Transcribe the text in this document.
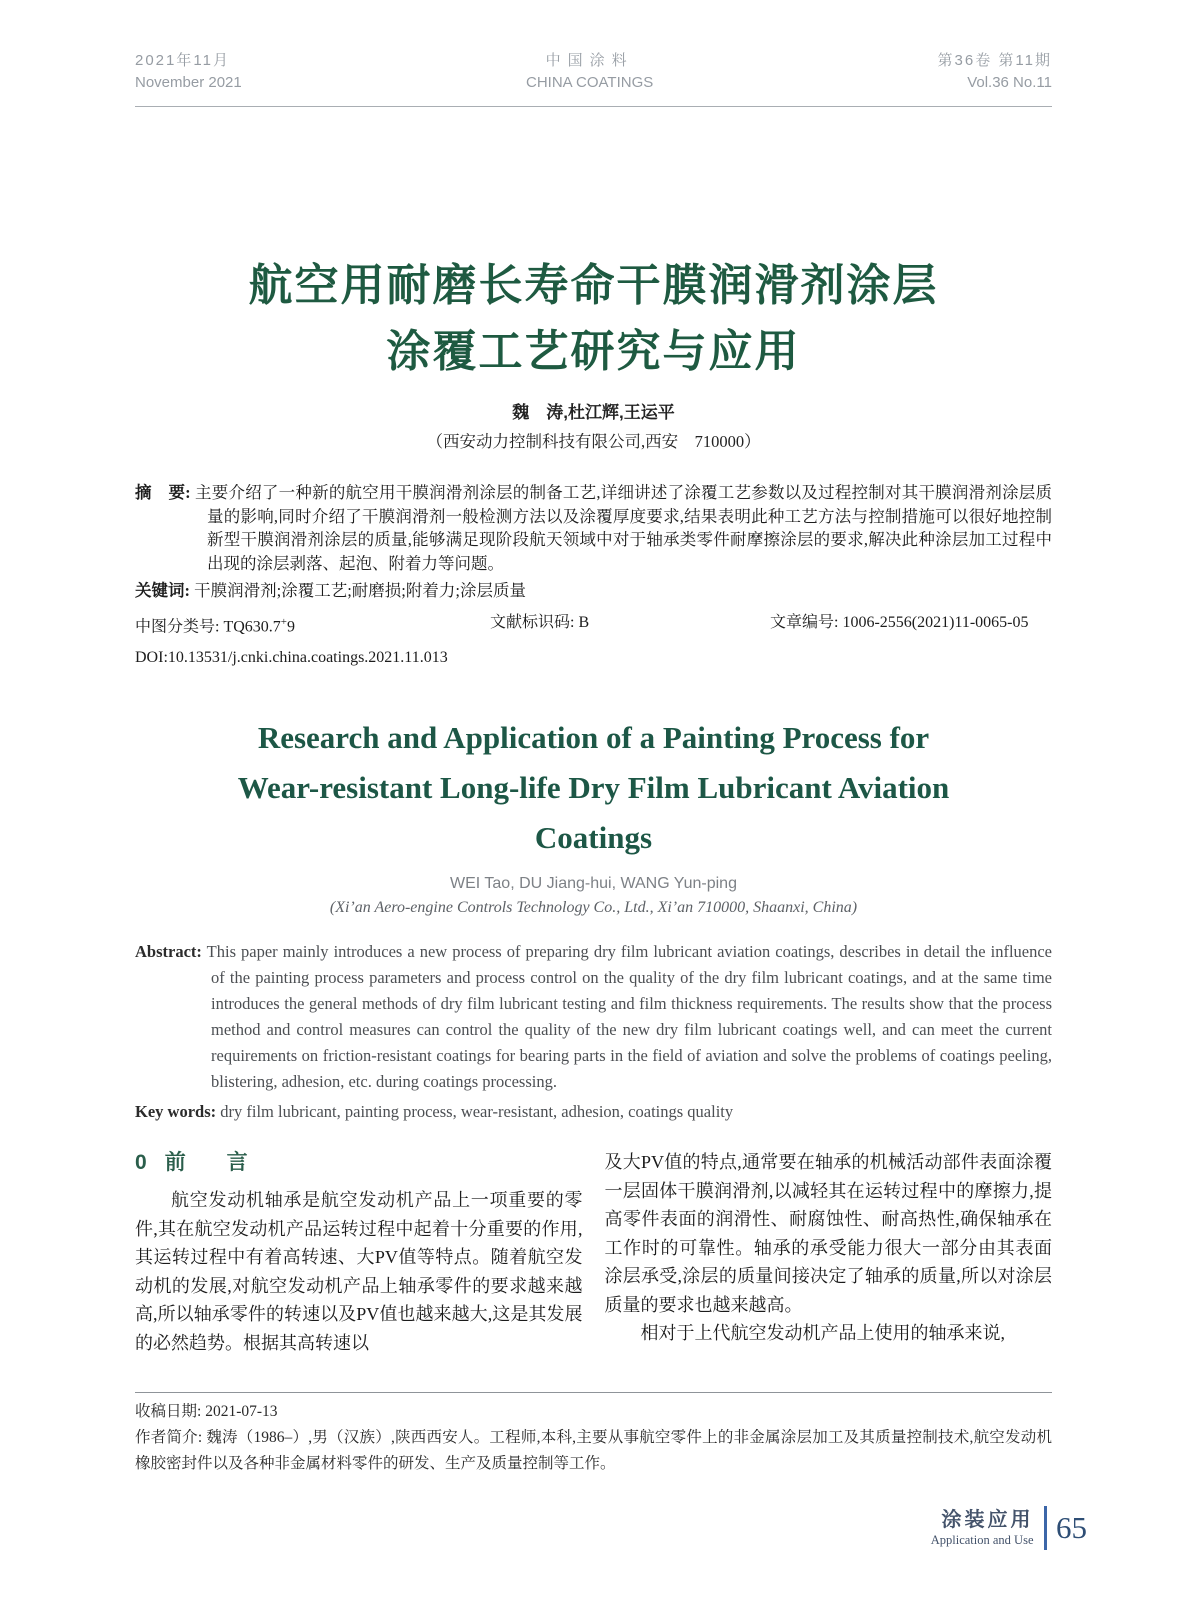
2021年11月
November 2021
中国涂料
CHINA COATINGS
第36卷 第11期
Vol.36 No.11
航空用耐磨长寿命干膜润滑剂涂层
涂覆工艺研究与应用
魏　涛,杜江辉,王运平
（西安动力控制科技有限公司,西安　710000）

摘　要: 主要介绍了一种新的航空用干膜润滑剂涂层的制备工艺,详细讲述了涂覆工艺参数以及过程控制对其干膜润滑剂涂层质量的影响,同时介绍了干膜润滑剂一般检测方法以及涂覆厚度要求,结果表明此种工艺方法与控制措施可以很好地控制新型干膜润滑剂涂层的质量,能够满足现阶段航天领域中对于轴承类零件耐摩擦涂层的要求,解决此种涂层加工过程中出现的涂层剥落、起泡、附着力等问题。

关键词: 干膜润滑剂;涂覆工艺;耐磨损;附着力;涂层质量

中图分类号: TQ630.7+9	文献标识码: B	文章编号: 1006-2556(2021)11-0065-05
DOI:10.13531/j.cnki.china.coatings.2021.11.013
Research and Application of a Painting Process for
Wear-resistant Long-life Dry Film Lubricant Aviation
Coatings
WEI Tao, DU Jiang-hui, WANG Yun-ping
(Xi’an Aero-engine Controls Technology Co., Ltd., Xi’an 710000, Shaanxi, China)

Abstract: This paper mainly introduces a new process of preparing dry film lubricant aviation coatings, describes in detail the influence of the painting process parameters and process control on the quality of the dry film lubricant coatings, and at the same time introduces the general methods of dry film lubricant testing and film thickness requirements. The results show that the process method and control measures can control the quality of the new dry film lubricant coatings well, and can meet the current requirements on friction-resistant coatings for bearing parts in the field of aviation and solve the problems of coatings peeling, blistering, adhesion, etc. during coatings processing.

Key words: dry film lubricant, painting process, wear-resistant, adhesion, coatings quality

0 前　言

航空发动机轴承是航空发动机产品上一项重要的零件,其在航空发动机产品运转过程中起着十分重要的作用,其运转过程中有着高转速、大PV值等特点。随着航空发动机的发展,对航空发动机产品上轴承零件的要求越来越高,所以轴承零件的转速以及PV值也越来越大,这是其发展的必然趋势。根据其高转速以

及大PV值的特点,通常要在轴承的机械活动部件表面涂覆一层固体干膜润滑剂,以减轻其在运转过程中的摩擦力,提高零件表面的润滑性、耐腐蚀性、耐高热性,确保轴承在工作时的可靠性。轴承的承受能力很大一部分由其表面涂层承受,涂层的质量间接决定了轴承的质量,所以对涂层质量的要求也越来越高。

相对于上代航空发动机产品上使用的轴承来说,

收稿日期: 2021-07-13
作者简介: 魏涛（1986–）,男（汉族）,陕西西安人。工程师,本科,主要从事航空零件上的非金属涂层加工及其质量控制技术,航空发动机橡胶密封件以及各种非金属材料零件的研发、生产及质量控制等工作。
涂装应用
Application and Use 65
